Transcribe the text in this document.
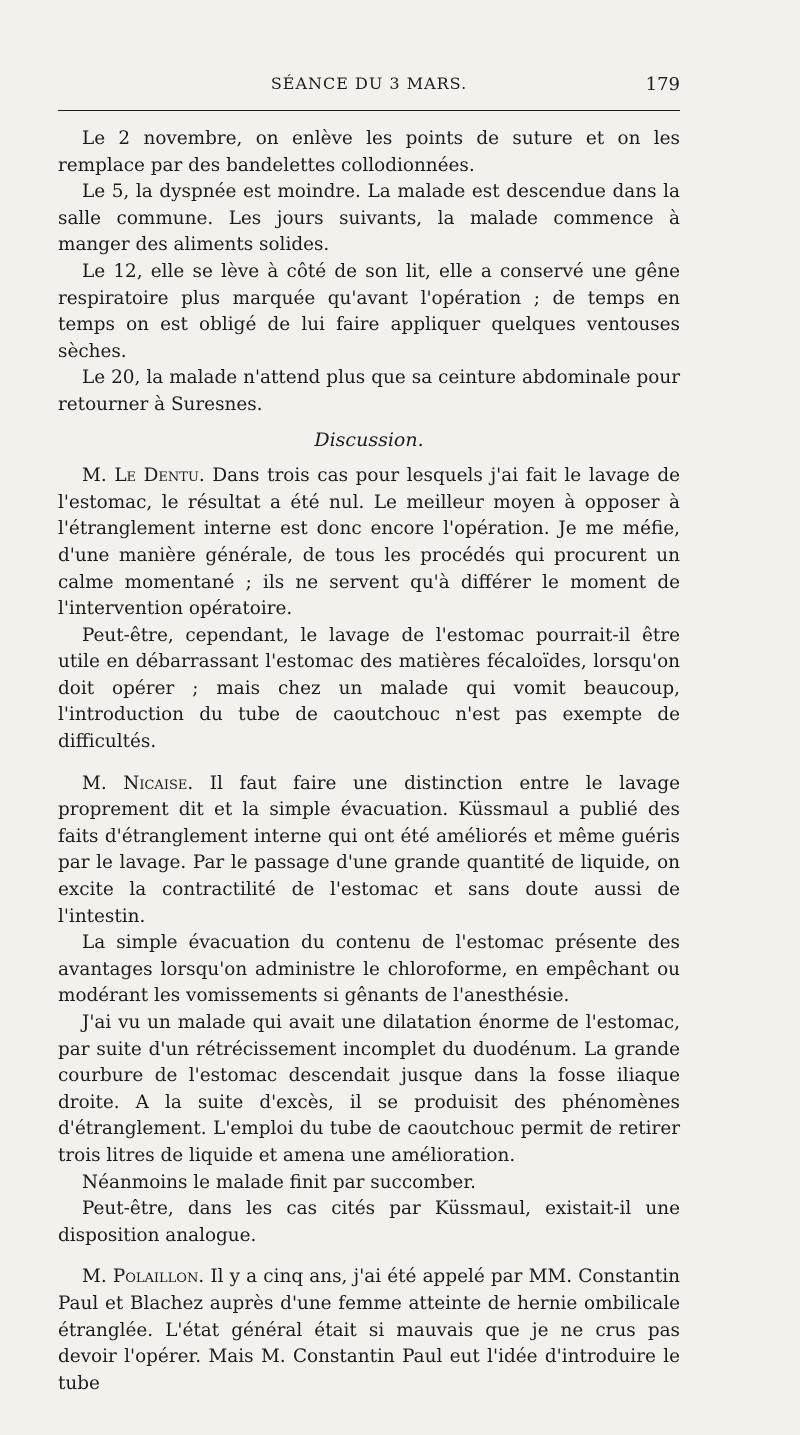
SÉANCE DU 3 MARS.	179

Le 2 novembre, on enlève les points de suture et on les remplace par des bandelettes collodionnées.

Le 5, la dyspnée est moindre. La malade est descendue dans la salle commune. Les jours suivants, la malade commence à manger des aliments solides.

Le 12, elle se lève à côté de son lit, elle a conservé une gêne respiratoire plus marquée qu'avant l'opération ; de temps en temps on est obligé de lui faire appliquer quelques ventouses sèches.

Le 20, la malade n'attend plus que sa ceinture abdominale pour retourner à Suresnes.

Discussion.

M. Le Dentu. Dans trois cas pour lesquels j'ai fait le lavage de l'estomac, le résultat a été nul. Le meilleur moyen à opposer à l'étranglement interne est donc encore l'opération. Je me méfie, d'une manière générale, de tous les procédés qui procurent un calme momentané ; ils ne servent qu'à différer le moment de l'intervention opératoire.

Peut-être, cependant, le lavage de l'estomac pourrait-il être utile en débarrassant l'estomac des matières fécaloïdes, lorsqu'on doit opérer ; mais chez un malade qui vomit beaucoup, l'introduction du tube de caoutchouc n'est pas exempte de difficultés.

M. Nicaise. Il faut faire une distinction entre le lavage proprement dit et la simple évacuation. Küssmaul a publié des faits d'étranglement interne qui ont été améliorés et même guéris par le lavage. Par le passage d'une grande quantité de liquide, on excite la contractilité de l'estomac et sans doute aussi de l'intestin.

La simple évacuation du contenu de l'estomac présente des avantages lorsqu'on administre le chloroforme, en empêchant ou modérant les vomissements si gênants de l'anesthésie.

J'ai vu un malade qui avait une dilatation énorme de l'estomac, par suite d'un rétrécissement incomplet du duodénum. La grande courbure de l'estomac descendait jusque dans la fosse iliaque droite. A la suite d'excès, il se produisit des phénomènes d'étranglement. L'emploi du tube de caoutchouc permit de retirer trois litres de liquide et amena une amélioration.

Néanmoins le malade finit par succomber.

Peut-être, dans les cas cités par Küssmaul, existait-il une disposition analogue.

M. Polaillon. Il y a cinq ans, j'ai été appelé par MM. Constantin Paul et Blachez auprès d'une femme atteinte de hernie ombilicale étranglée. L'état général était si mauvais que je ne crus pas devoir l'opérer. Mais M. Constantin Paul eut l'idée d'introduire le tube
